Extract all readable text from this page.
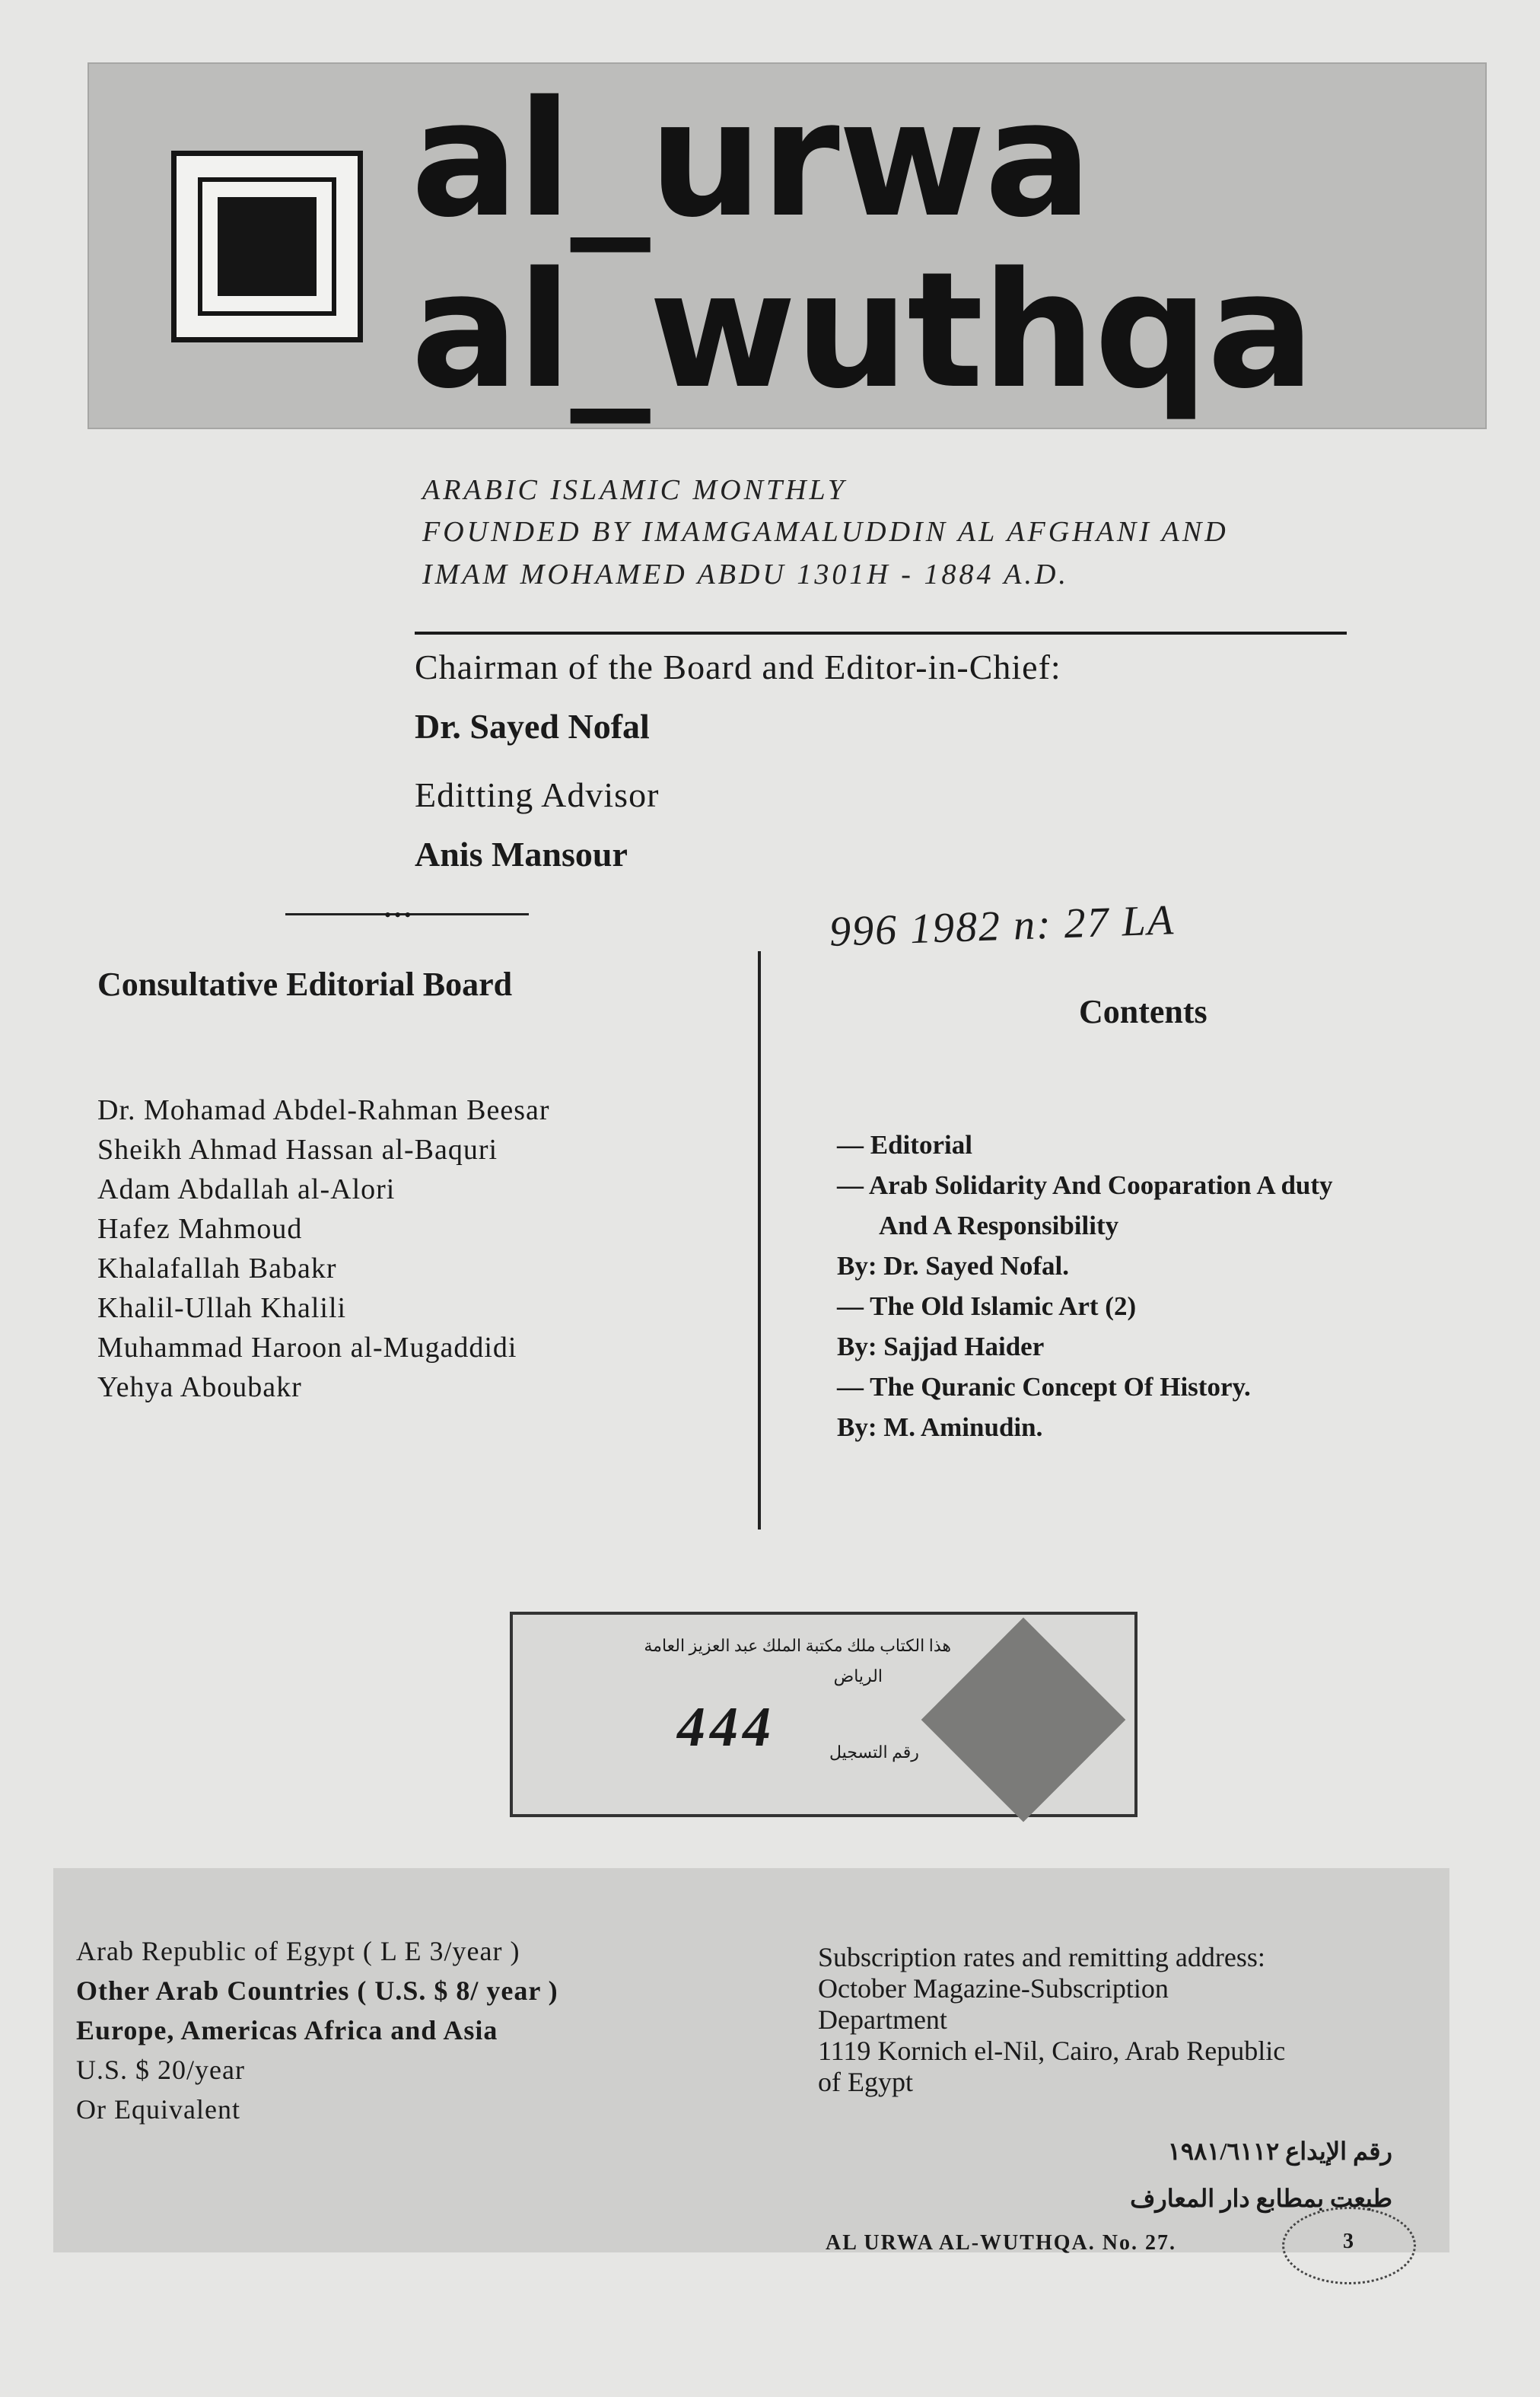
al_urwa
al_wuthqa
ARABIC ISLAMIC MONTHLY
FOUNDED BY IMAMGAMALUDDIN AL AFGHANI AND
IMAM MOHAMED ABDU 1301H - 1884 A.D.
Chairman of the Board and Editor-in-Chief:
Dr. Sayed Nofal
Editting Advisor
Anis Mansour
•••	996 1982 n: 27 LA
Consultative Editorial Board
Dr. Mohamad Abdel-Rahman Beesar
Sheikh Ahmad Hassan al-Baquri
Adam Abdallah al-Alori
Hafez Mahmoud
Khalafallah Babakr
Khalil-Ullah Khalili
Muhammad Haroon al-Mugaddidi
Yehya Aboubakr
Contents
— Editorial
— Arab Solidarity And Cooparation A duty
And A Responsibility
By: Dr. Sayed Nofal.
— The Old Islamic Art (2)
By: Sajjad Haider
— The Quranic Concept Of History.
By: M. Aminudin.
هذا الكتاب ملك مكتبة الملك عبد العزيز العامة
الرياض
444	رقم التسجيل
Arab Republic of Egypt ( L E 3/year )
Other Arab Countries ( U.S. $ 8/ year )
Europe, Americas Africa and Asia
U.S. $ 20/year
Or Equivalent
Subscription rates and remitting address:
October Magazine-Subscription
Department
1119 Kornich el-Nil, Cairo, Arab Republic
of Egypt
رقم الإيداع ١٩٨١/٦١١٢
طبعت بمطابع دار المعارف
AL URWA AL-WUTHQA. No. 27.	3
